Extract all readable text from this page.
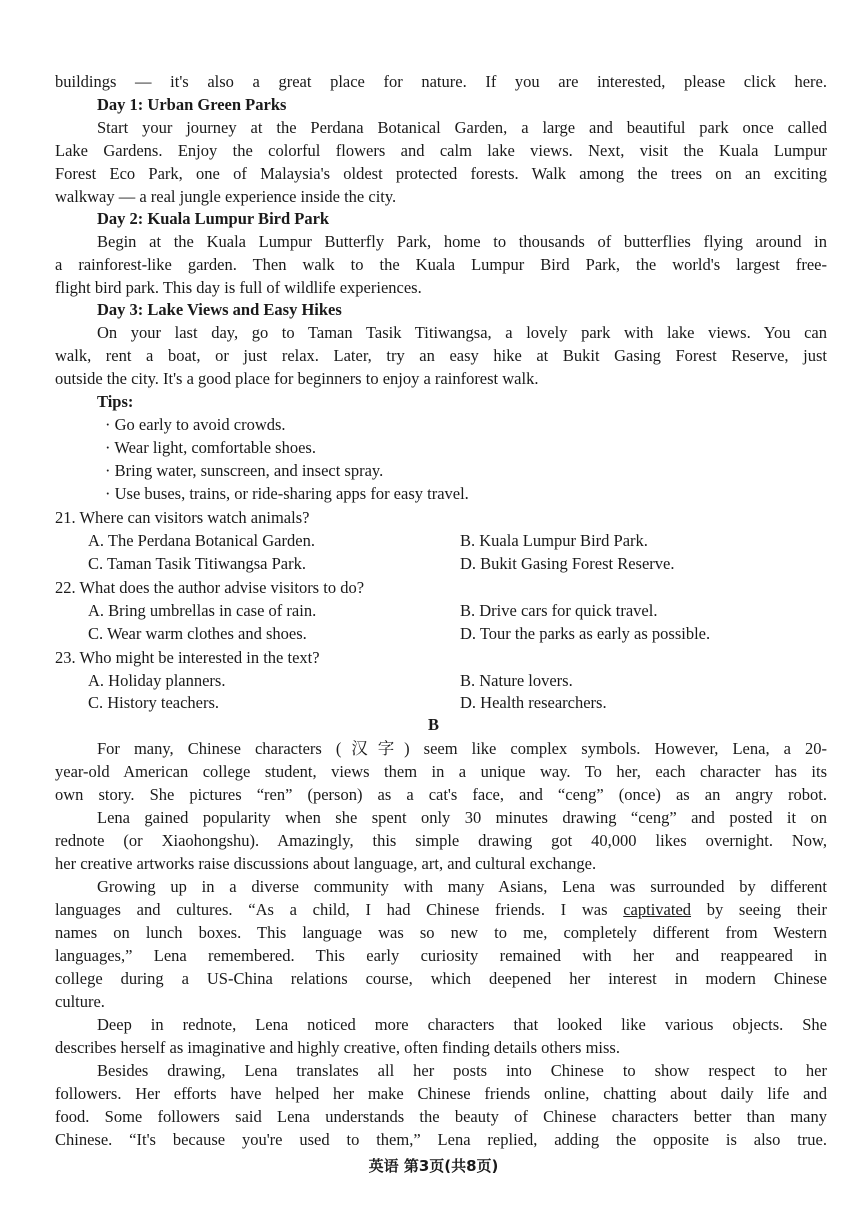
buildings — it's also a great place for nature. If you are interested, please click here.
Day 1: Urban Green Parks
Start your journey at the Perdana Botanical Garden, a large and beautiful park once called
Lake Gardens. Enjoy the colorful flowers and calm lake views. Next, visit the Kuala Lumpur
Forest Eco Park, one of Malaysia's oldest protected forests. Walk among the trees on an exciting
walkway — a real jungle experience inside the city.
Day 2: Kuala Lumpur Bird Park
Begin at the Kuala Lumpur Butterfly Park, home to thousands of butterflies flying around in
a rainforest-like garden. Then walk to the Kuala Lumpur Bird Park, the world's largest free-
flight bird park. This day is full of wildlife experiences.
Day 3: Lake Views and Easy Hikes
On your last day, go to Taman Tasik Titiwangsa, a lovely park with lake views. You can
walk, rent a boat, or just relax. Later, try an easy hike at Bukit Gasing Forest Reserve, just
outside the city. It's a good place for beginners to enjoy a rainforest walk.
Tips:
· Go early to avoid crowds.
· Wear light, comfortable shoes.
· Bring water, sunscreen, and insect spray.
· Use buses, trains, or ride-sharing apps for easy travel.
21. Where can visitors watch animals?
A. The Perdana Botanical Garden.	B. Kuala Lumpur Bird Park.
C. Taman Tasik Titiwangsa Park.	D. Bukit Gasing Forest Reserve.
22. What does the author advise visitors to do?
A. Bring umbrellas in case of rain.	B. Drive cars for quick travel.
C. Wear warm clothes and shoes.	D. Tour the parks as early as possible.
23. Who might be interested in the text?
A. Holiday planners.	B. Nature lovers.
C. History teachers.	D. Health researchers.
B
For many, Chinese characters (汉字) seem like complex symbols. However, Lena, a 20-
year-old American college student, views them in a unique way. To her, each character has its
own story. She pictures “ren” (person) as a cat's face, and “ceng” (once) as an angry robot.
Lena gained popularity when she spent only 30 minutes drawing “ceng” and posted it on
rednote (or Xiaohongshu). Amazingly, this simple drawing got 40,000 likes overnight. Now,
her creative artworks raise discussions about language, art, and cultural exchange.
Growing up in a diverse community with many Asians, Lena was surrounded by different
languages and cultures. “As a child, I had Chinese friends. I was captivated by seeing their
names on lunch boxes. This language was so new to me, completely different from Western
languages,” Lena remembered. This early curiosity remained with her and reappeared in
college during a US-China relations course, which deepened her interest in modern Chinese
culture.
Deep in rednote, Lena noticed more characters that looked like various objects. She
describes herself as imaginative and highly creative, often finding details others miss.
Besides drawing, Lena translates all her posts into Chinese to show respect to her
followers. Her efforts have helped her make Chinese friends online, chatting about daily life and
food. Some followers said Lena understands the beauty of Chinese characters better than many
Chinese. “It's because you're used to them,” Lena replied, adding the opposite is also true.
英语 第3页(共8页)
